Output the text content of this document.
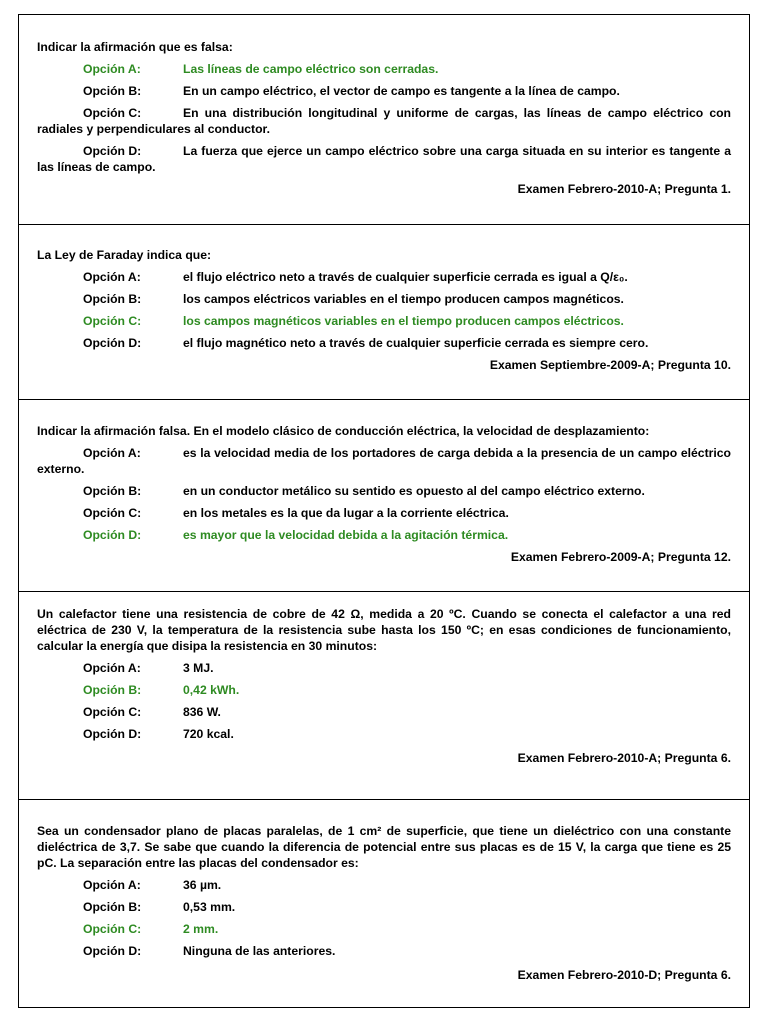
Indicar la afirmación que es falsa:
Opción A:	Las líneas de campo eléctrico son cerradas.
Opción B:	En un campo eléctrico, el vector de campo es tangente a la línea de campo.
Opción C:	En una distribución longitudinal y uniforme de cargas, las líneas de campo eléctrico con radiales y perpendiculares al conductor.
Opción D:	La fuerza que ejerce un campo eléctrico sobre una carga situada en su interior es tangente a las líneas de campo.
Examen Febrero-2010-A; Pregunta 1.
La Ley de Faraday indica que:
Opción A:	el flujo eléctrico neto a través de cualquier superficie cerrada es igual a Q/ε₀.
Opción B:	los campos eléctricos variables en el tiempo producen campos magnéticos.
Opción C:	los campos magnéticos variables en el tiempo producen campos eléctricos.
Opción D:	el flujo magnético neto a través de cualquier superficie cerrada es siempre cero.
Examen Septiembre-2009-A; Pregunta 10.
Indicar la afirmación falsa. En el modelo clásico de conducción eléctrica, la velocidad de desplazamiento:
Opción A:	es la velocidad media de los portadores de carga debida a la presencia de un campo eléctrico externo.
Opción B:	en un conductor metálico su sentido es opuesto al del campo eléctrico externo.
Opción C:	en los metales es la que da lugar a la corriente eléctrica.
Opción D:	es mayor que la velocidad debida a la agitación térmica.
Examen Febrero-2009-A; Pregunta 12.
Un calefactor tiene una resistencia de cobre de 42 Ω, medida a 20 ºC. Cuando se conecta el calefactor a una red eléctrica de 230 V, la temperatura de la resistencia sube hasta los 150 ºC; en esas condiciones de funcionamiento, calcular la energía que disipa la resistencia en 30 minutos:
Opción A:	3 MJ.
Opción B:	0,42 kWh.
Opción C:	836 W.
Opción D:	720 kcal.
Examen Febrero-2010-A; Pregunta 6.
Sea un condensador plano de placas paralelas, de 1 cm² de superficie, que tiene un dieléctrico con una constante dieléctrica de 3,7. Se sabe que cuando la diferencia de potencial entre sus placas es de 15 V, la carga que tiene es 25 pC. La separación entre las placas del condensador es:
Opción A:	36 µm.
Opción B:	0,53 mm.
Opción C:	2 mm.
Opción D:	Ninguna de las anteriores.
Examen Febrero-2010-D; Pregunta 6.
